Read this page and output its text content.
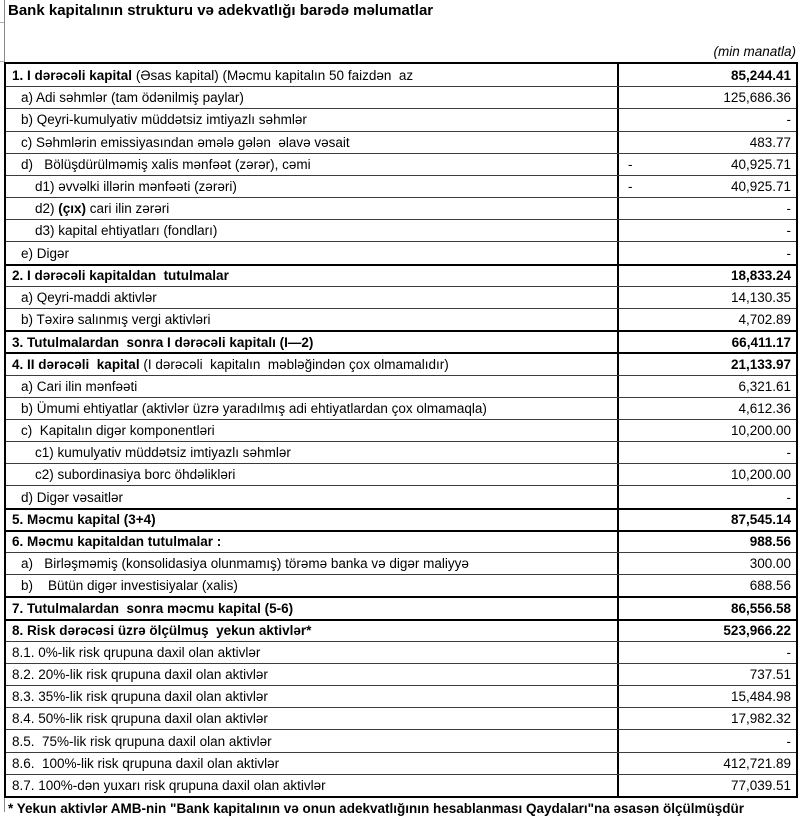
Bank kapitalının strukturu və adekvatlığı barədə məlumatlar
(min manatla)
1. I dərəcəli kapital (Əsas kapital) (Məcmu kapitalın 50 faizdən  az	85,244.41
a) Adi səhmlər (tam ödənilmiş paylar)	125,686.36
b) Qeyri-kumulyativ müddətsiz imtiyazlı səhmlər	-
c) Səhmlərin emissiyasından əmələ gələn  əlavə vəsait	483.77
d)   Bölüşdürülməmiş xalis mənfəət (zərər), cəmi	-	40,925.71
d1) əvvəlki illərin mənfəəti (zərəri)	-	40,925.71
d2) (çıx) cari ilin zərəri	-
d3) kapital ehtiyatları (fondları)	-
e) Digər	-
2. I dərəcəli kapitaldan  tutulmalar	18,833.24
a) Qeyri-maddi aktivlər	14,130.35
b) Təxirə salınmış vergi aktivləri	4,702.89
3. Tutulmalardan  sonra I dərəcəli kapitalı (I—2)	66,411.17
4. II dərəcəli  kapital (I dərəcəli  kapitalın  məbləğindən çox olmamalıdır)	21,133.97
a) Cari ilin mənfəəti	6,321.61
b) Ümumi ehtiyatlar (aktivlər üzrə yaradılmış adi ehtiyatlardan çox olmamaqla)	4,612.36
c)  Kapitalın digər komponentləri	10,200.00
c1) kumulyativ müddətsiz imtiyazlı səhmlər	-
c2) subordinasiya borc öhdəlikləri	10,200.00
d) Digər vəsaitlər	-
5. Məcmu kapital (3+4)	87,545.14
6. Məcmu kapitaldan tutulmalar :	988.56
a)   Birləşməmiş (konsolidasiya olunmamış) törəmə banka və digər maliyyə	300.00
b)    Bütün digər investisiyalar (xalis)	688.56
7. Tutulmalardan  sonra məcmu kapital (5-6)	86,556.58
8. Risk dərəcəsi üzrə ölçülmuş  yekun aktivlər*	523,966.22
8.1. 0%-lik risk qrupuna daxil olan aktivlər	-
8.2. 20%-lik risk qrupuna daxil olan aktivlər	737.51
8.3. 35%-lik risk qrupuna daxil olan aktivlər	15,484.98
8.4. 50%-lik risk qrupuna daxil olan aktivlər	17,982.32
8.5.  75%-lik risk qrupuna daxil olan aktivlər	-
8.6.  100%-lik risk qrupuna daxil olan aktivlər	412,721.89
8.7. 100%-dən yuxarı risk qrupuna daxil olan aktivlər	77,039.51
* Yekun aktivlər AMB-nin "Bank kapitalının və onun adekvatlığının hesablanması Qaydaları"na əsasən ölçülmüşdür
